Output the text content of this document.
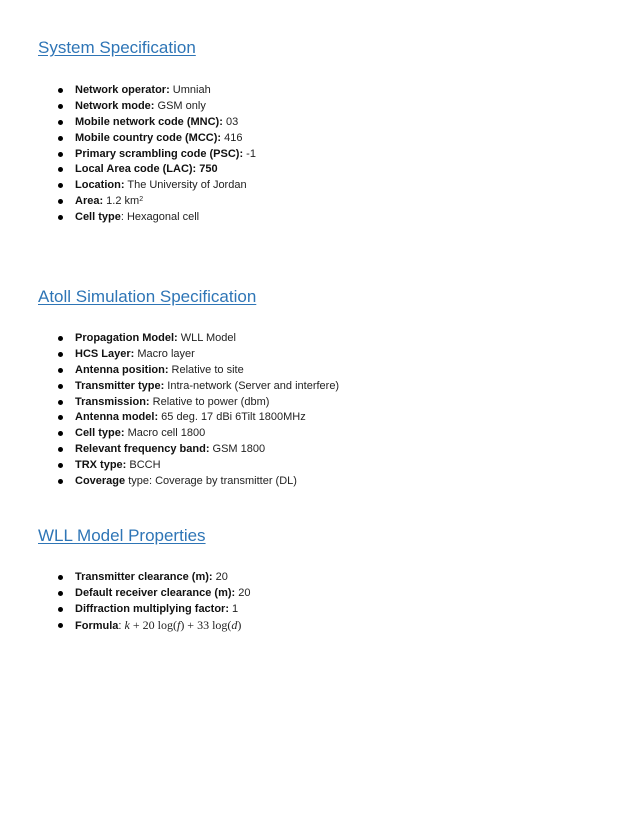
System Specification
Network operator: Umniah
Network mode: GSM only
Mobile network code (MNC): 03
Mobile country code (MCC): 416
Primary scrambling code (PSC): -1
Local Area code (LAC): 750
Location: The University of Jordan
Area: 1.2 $km^2$
Cell type: Hexagonal cell
Atoll Simulation Specification
Propagation Model: WLL Model
HCS Layer: Macro layer
Antenna position: Relative to site
Transmitter type: Intra-network (Server and interfere)
Transmission: Relative to power (dbm)
Antenna model: 65 deg. 17 dBi 6Tilt 1800MHz
Cell type: Macro cell 1800
Relevant frequency band: GSM 1800
TRX type: BCCH
Coverage type: Coverage by transmitter (DL)
WLL Model Properties
Transmitter clearance (m): 20
Default receiver clearance (m): 20
Diffraction multiplying factor: 1
Formula: k + 20 log(f) + 33 log(d)
